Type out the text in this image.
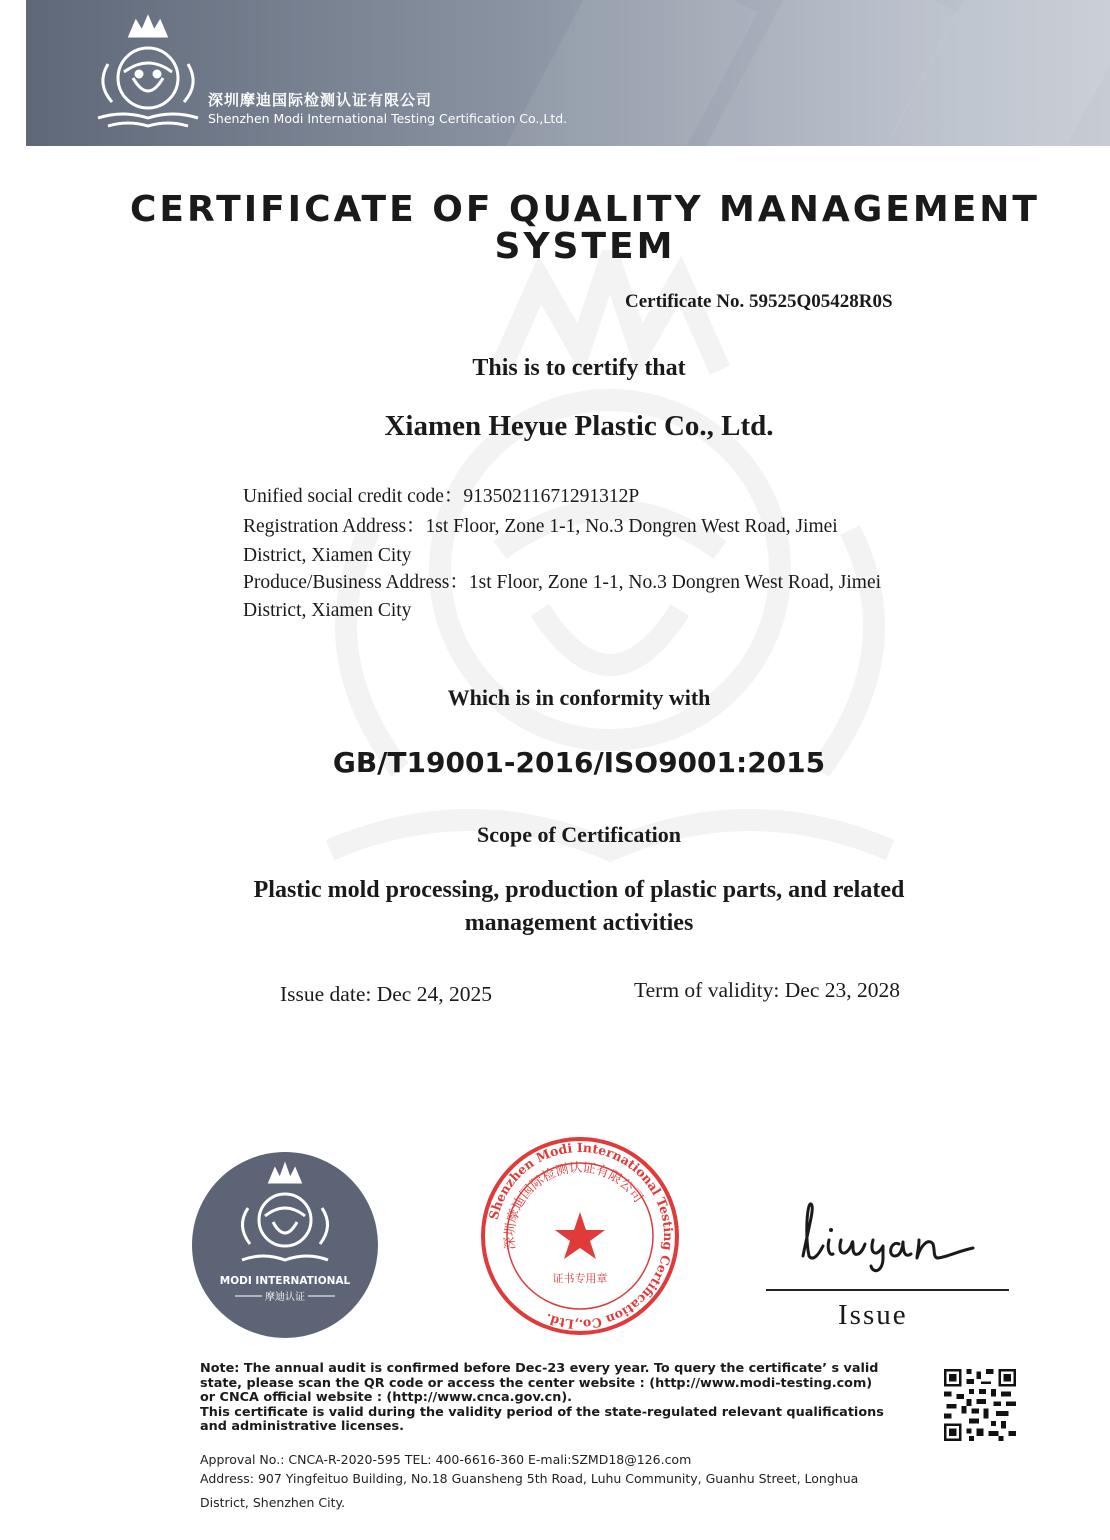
深圳摩迪国际检测认证有限公司
Shenzhen Modi International Testing Certification Co.,Ltd.
CERTIFICATE OF QUALITY MANAGEMENT
SYSTEM
Certificate No. 59525Q05428R0S
This is to certify that
Xiamen Heyue Plastic Co., Ltd.
Unified social credit code：91350211671291312P
Registration Address：1st Floor, Zone 1-1, No.3 Dongren West Road, Jimei
District, Xiamen City
Produce/Business Address：1st Floor, Zone 1-1, No.3 Dongren West Road, Jimei
District, Xiamen City
Which is in conformity with
GB/T19001-2016/ISO9001:2015
Scope of Certification
Plastic mold processing, production of plastic parts, and related
management activities
Issue date: Dec 24, 2025	Term of validity: Dec 23, 2028
MODI INTERNATIONAL
摩迪认证
Shenzhen Modi International Testing Certification Co.,Ltd.
深圳摩迪国际检测认证有限公司
证书专用章
Issue
Note: The annual audit is confirmed before Dec-23 every year. To query the certificate’ s valid
state, please scan the QR code or access the center website : (http://www.modi-testing.com)
or CNCA official website : (http://www.cnca.gov.cn).
This certificate is valid during the validity period of the state-regulated relevant qualifications
and administrative licenses.
Approval No.: CNCA-R-2020-595 TEL: 400-6616-360 E-mali:SZMD18@126.com
Address: 907 Yingfeituo Building, No.18 Guansheng 5th Road, Luhu Community, Guanhu Street, Longhua
District, Shenzhen City.
